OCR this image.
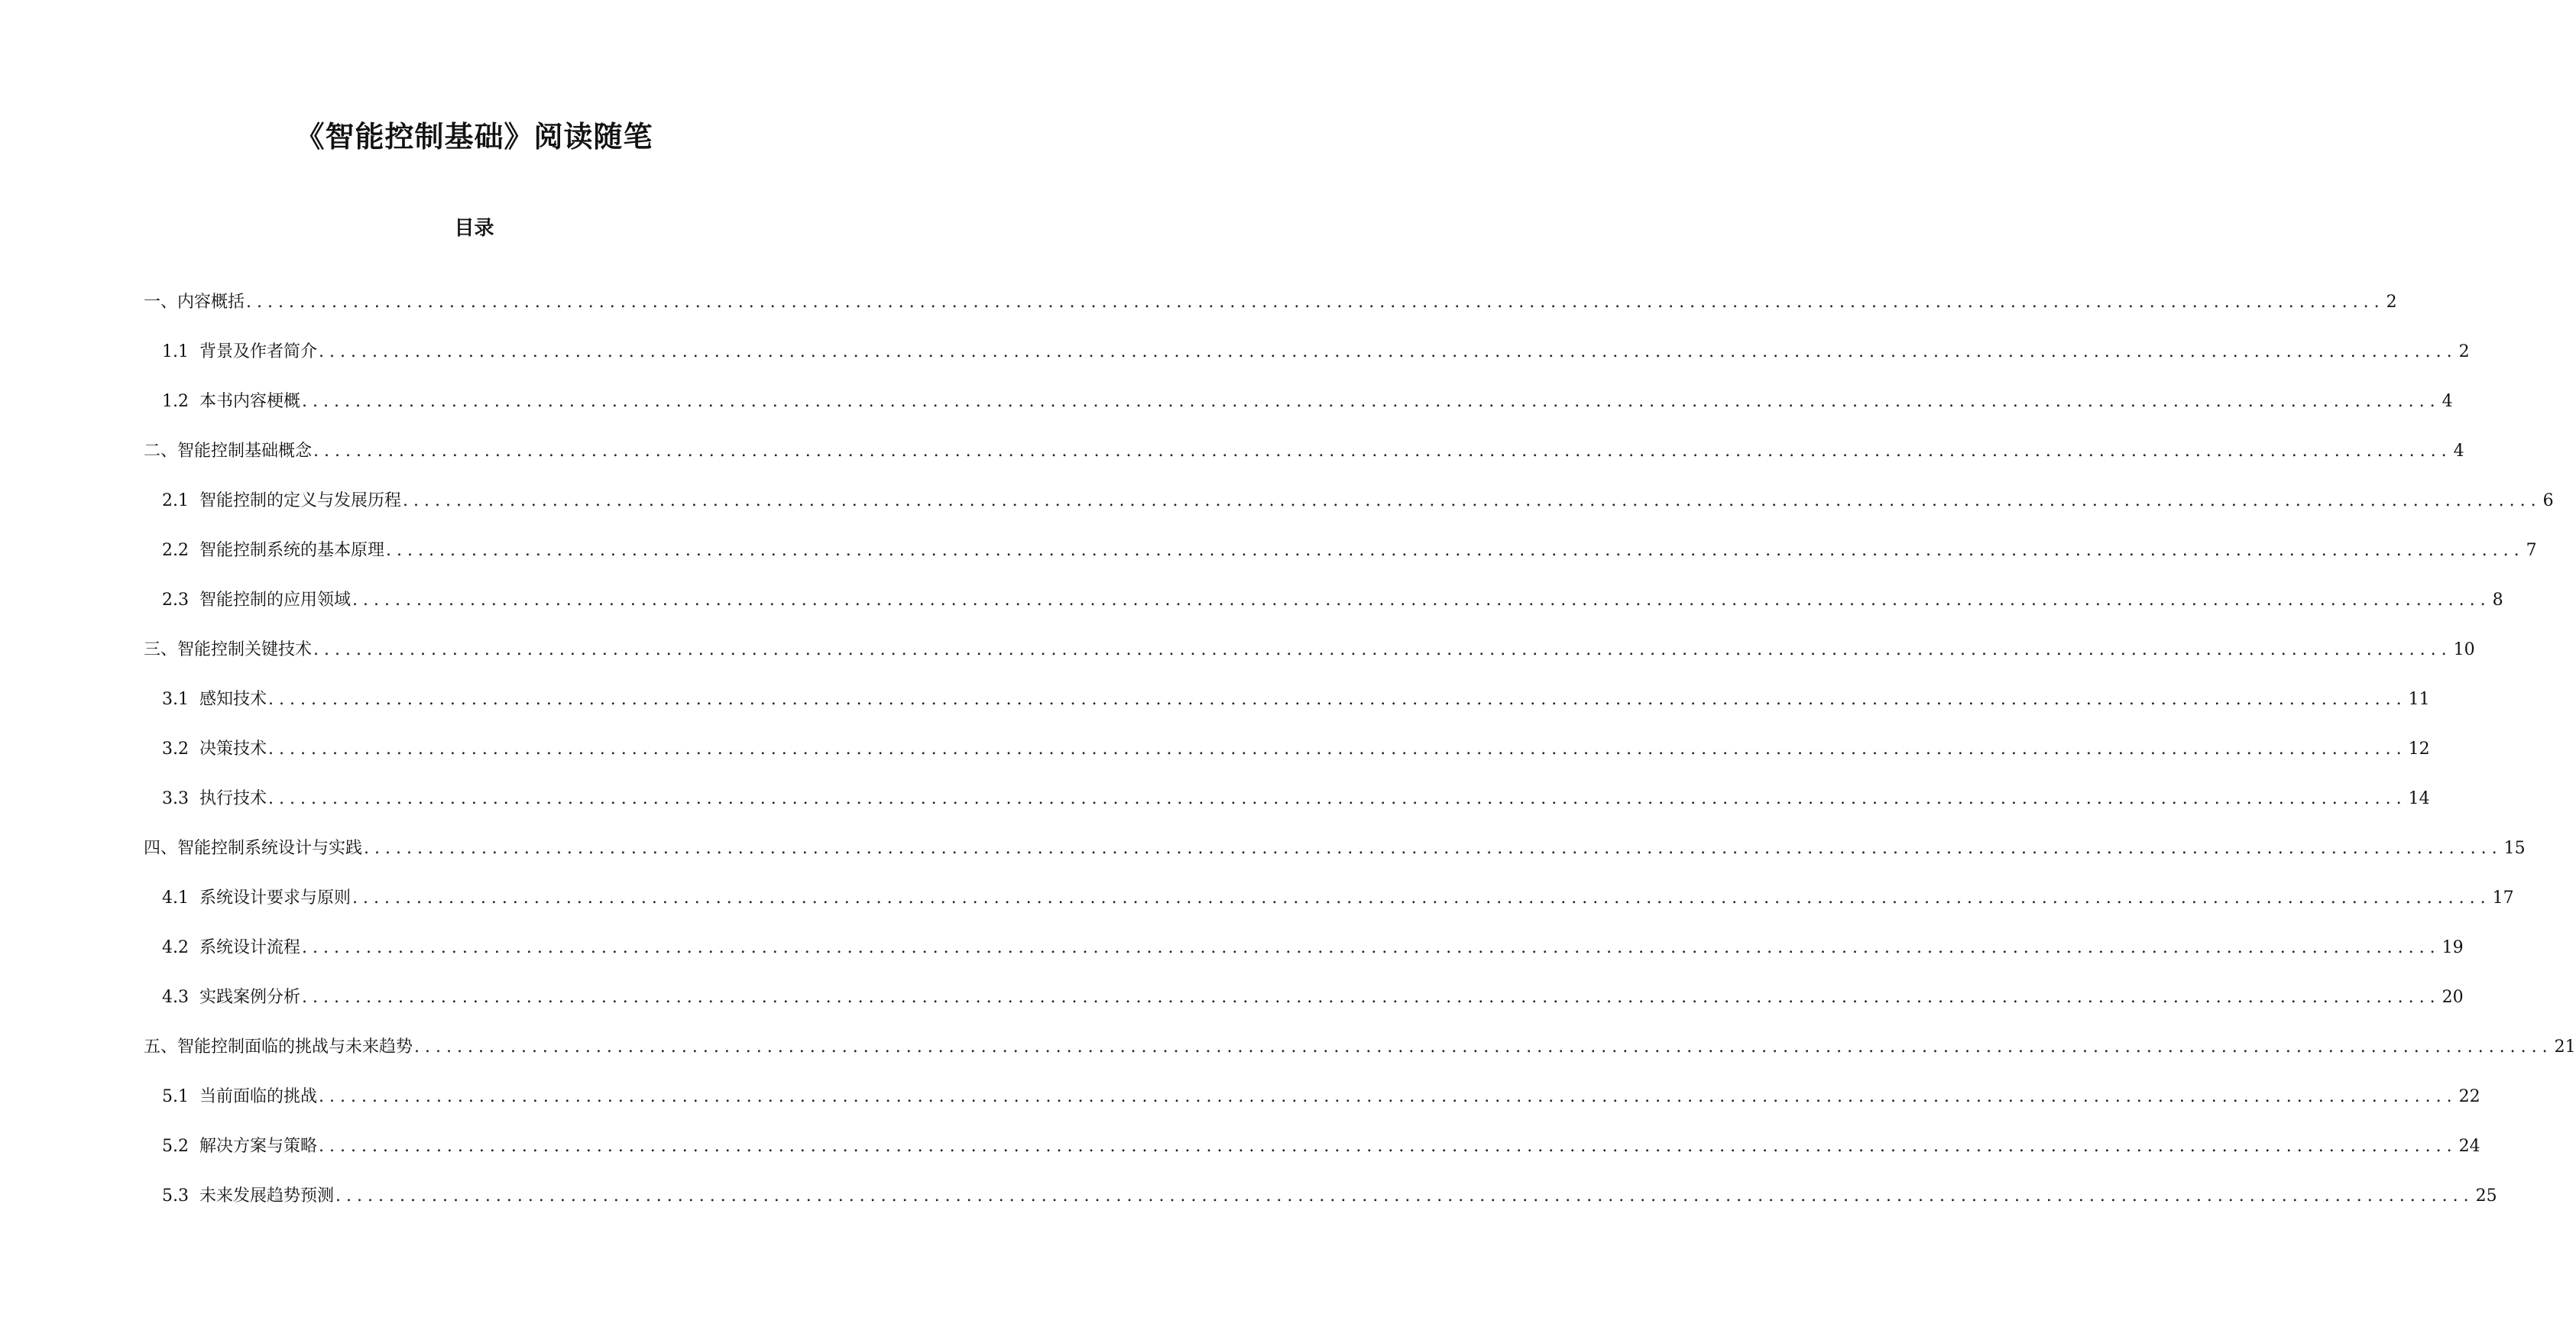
《智能控制基础》阅读随笔
目录
一、内容概括 ........................................................................................................................................................................................................ 2
1.1 背景及作者简介 ........................................................................................................................................................................................................ 2
1.2 本书内容梗概 ........................................................................................................................................................................................................ 4
二、智能控制基础概念 ........................................................................................................................................................................................................ 4
2.1 智能控制的定义与发展历程 ........................................................................................................................................................................................................ 6
2.2 智能控制系统的基本原理 ........................................................................................................................................................................................................ 7
2.3 智能控制的应用领域 ........................................................................................................................................................................................................ 8
三、智能控制关键技术 ........................................................................................................................................................................................................ 10
3.1 感知技术 ........................................................................................................................................................................................................ 11
3.2 决策技术 ........................................................................................................................................................................................................ 12
3.3 执行技术 ........................................................................................................................................................................................................ 14
四、智能控制系统设计与实践 ........................................................................................................................................................................................................ 15
4.1 系统设计要求与原则 ........................................................................................................................................................................................................ 17
4.2 系统设计流程 ........................................................................................................................................................................................................ 19
4.3 实践案例分析 ........................................................................................................................................................................................................ 20
五、智能控制面临的挑战与未来趋势 ........................................................................................................................................................................................................ 21
5.1 当前面临的挑战 ........................................................................................................................................................................................................ 22
5.2 解决方案与策略 ........................................................................................................................................................................................................ 24
5.3 未来发展趋势预测 ........................................................................................................................................................................................................ 25
